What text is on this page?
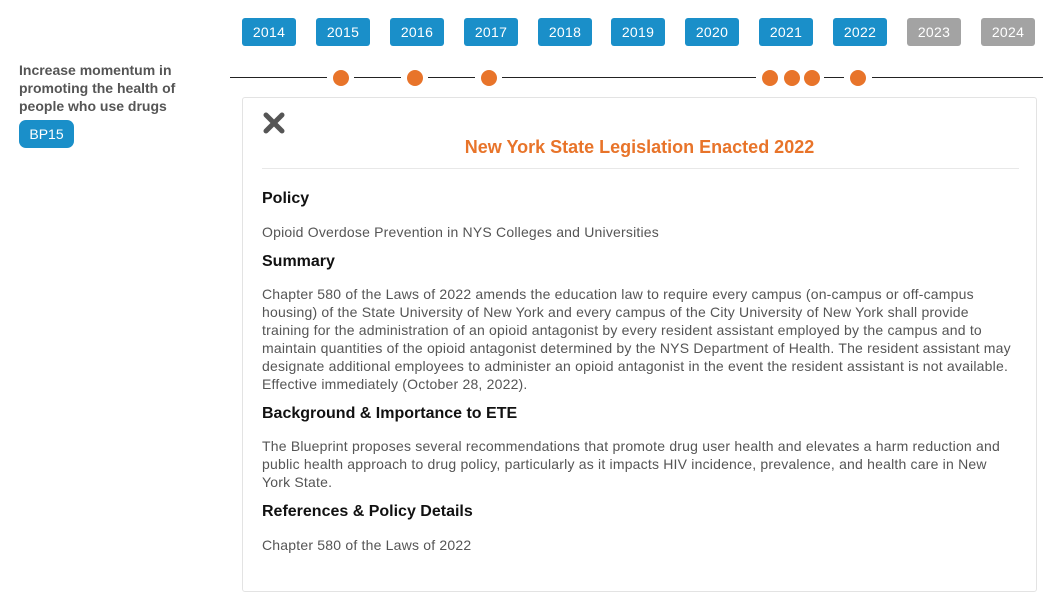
2014	2015	2016	2017	2018	2019	2020	2021	2022	2023	2024
Increase momentum in promoting the health of people who use drugs
BP15
New York State Legislation Enacted 2022
Policy
Opioid Overdose Prevention in NYS Colleges and Universities
Summary
Chapter 580 of the Laws of 2022 amends the education law to require every campus (on-campus or off-campus housing) of the State University of New York and every campus of the City University of New York shall provide training for the administration of an opioid antagonist by every resident assistant employed by the campus and to maintain quantities of the opioid antagonist determined by the NYS Department of Health. The resident assistant may designate additional employees to administer an opioid antagonist in the event the resident assistant is not available. Effective immediately (October 28, 2022).
Background & Importance to ETE
The Blueprint proposes several recommendations that promote drug user health and elevates a harm reduction and public health approach to drug policy, particularly as it impacts HIV incidence, prevalence, and health care in New York State.
References & Policy Details
Chapter 580 of the Laws of 2022
